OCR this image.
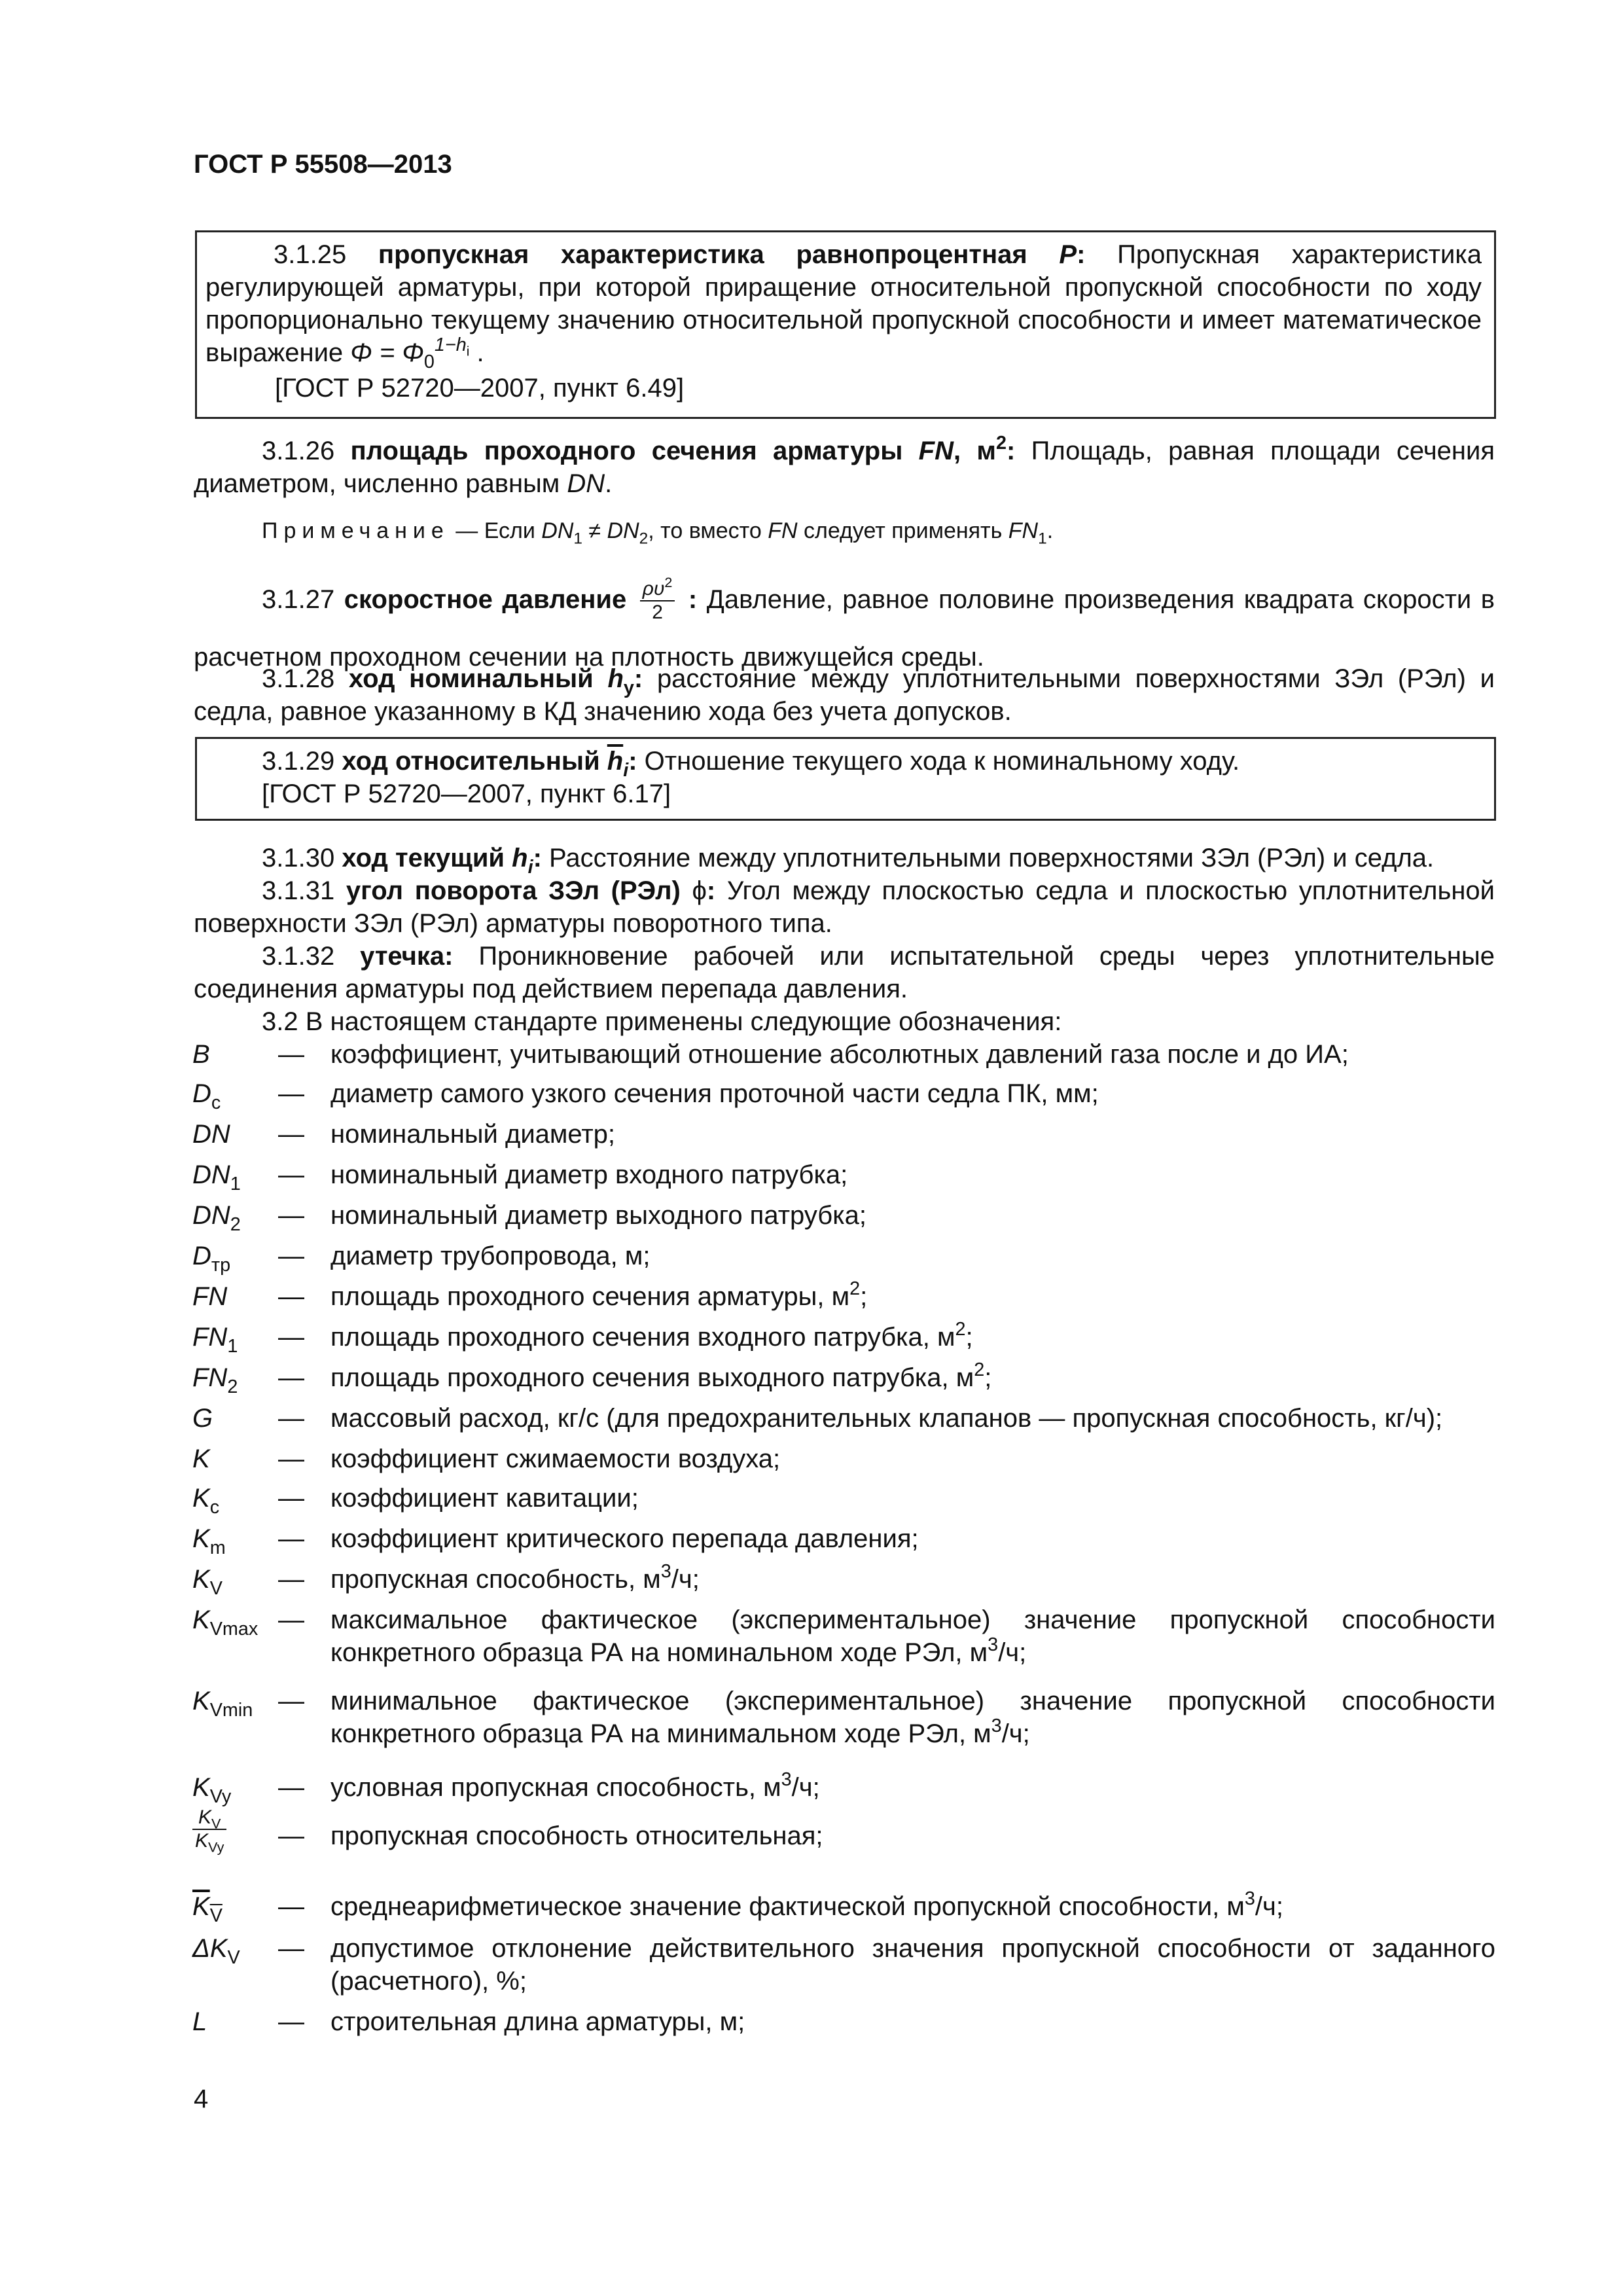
ГОСТ Р 55508—2013
3.1.25 пропускная характеристика равнопроцентная P: Пропускная характеристика регулирующей арматуры, при которой приращение относительной пропускной способности по ходу пропорционально текущему значению относительной пропускной способности и имеет математическое выражение $\Phi = \Phi_0^{1-h_i}$ .
[ГОСТ Р 52720—2007, пункт 6.49]
3.1.26 площадь проходного сечения арматуры FN, $м^2$: Площадь, равная площади сечения диаметром, численно равным DN.
Примечание — Если $DN_1 \ne DN_2$, то вместо FN следует применять $FN_1$.
3.1.27 скоростное давление $\frac{\rho\upsilon^2}{2}$ : Давление, равное половине произведения квадрата скорости в расчетном проходном сечении на плотность движущейся среды.
3.1.28 ход номинальный $h_у$: расстояние между уплотнительными поверхностями ЗЭл (РЭл) и седла, равное указанному в КД значению хода без учета допусков.
3.1.29 ход относительный $\overline{h}_i$: Отношение текущего хода к номинальному ходу.
[ГОСТ Р 52720—2007, пункт 6.17]
3.1.30 ход текущий $h_i$: Расстояние между уплотнительными поверхностями ЗЭл (РЭл) и седла.
3.1.31 угол поворота ЗЭл (РЭл) ϕ: Угол между плоскостью седла и плоскостью уплотнительной поверхности ЗЭл (РЭл) арматуры поворотного типа.
3.1.32 утечка: Проникновение рабочей или испытательной среды через уплотнительные соединения арматуры под действием перепада давления.
3.2 В настоящем стандарте применены следующие обозначения:
B	— коэффициент, учитывающий отношение абсолютных давлений газа после и до ИА;
$D_с$	— диаметр самого узкого сечения проточной части седла ПК, мм;
DN	— номинальный диаметр;
$DN_1$	— номинальный диаметр входного патрубка;
$DN_2$	— номинальный диаметр выходного патрубка;
$D_{тр}$	— диаметр трубопровода, м;
FN	— площадь проходного сечения арматуры, $м^2$;
$FN_1$	— площадь проходного сечения входного патрубка, $м^2$;
$FN_2$	— площадь проходного сечения выходного патрубка, $м^2$;
G	— массовый расход, кг/с (для предохранительных клапанов — пропускная способность, кг/ч);
K	— коэффициент сжимаемости воздуха;
$K_с$	— коэффициент кавитации;
$K_m$	— коэффициент критического перепада давления;
$K_V$	— пропускная способность, $м^3/ч$;
$K_{Vmax}$ — максимальное фактическое (экспериментальное) значение пропускной способности конкретного образца РА на номинальном ходе РЭл, $м^3/ч$;
$K_{Vmin}$ — минимальное фактическое (экспериментальное) значение пропускной способности конкретного образца РА на минимальном ходе РЭл, $м^3/ч$;
$K_{Vy}$	— условная пропускная способность, $м^3/ч$;
$\frac{K_V}{K_{Vy}}$ — пропускная способность относительная;
$\overline{K}_{\overline{V}}$	— среднеарифметическое значение фактической пропускной способности, $м^3/ч$;
$\Delta K_V$	— допустимое отклонение действительного значения пропускной способности от заданного (расчетного), %;
L	— строительная длина арматуры, м;
4
